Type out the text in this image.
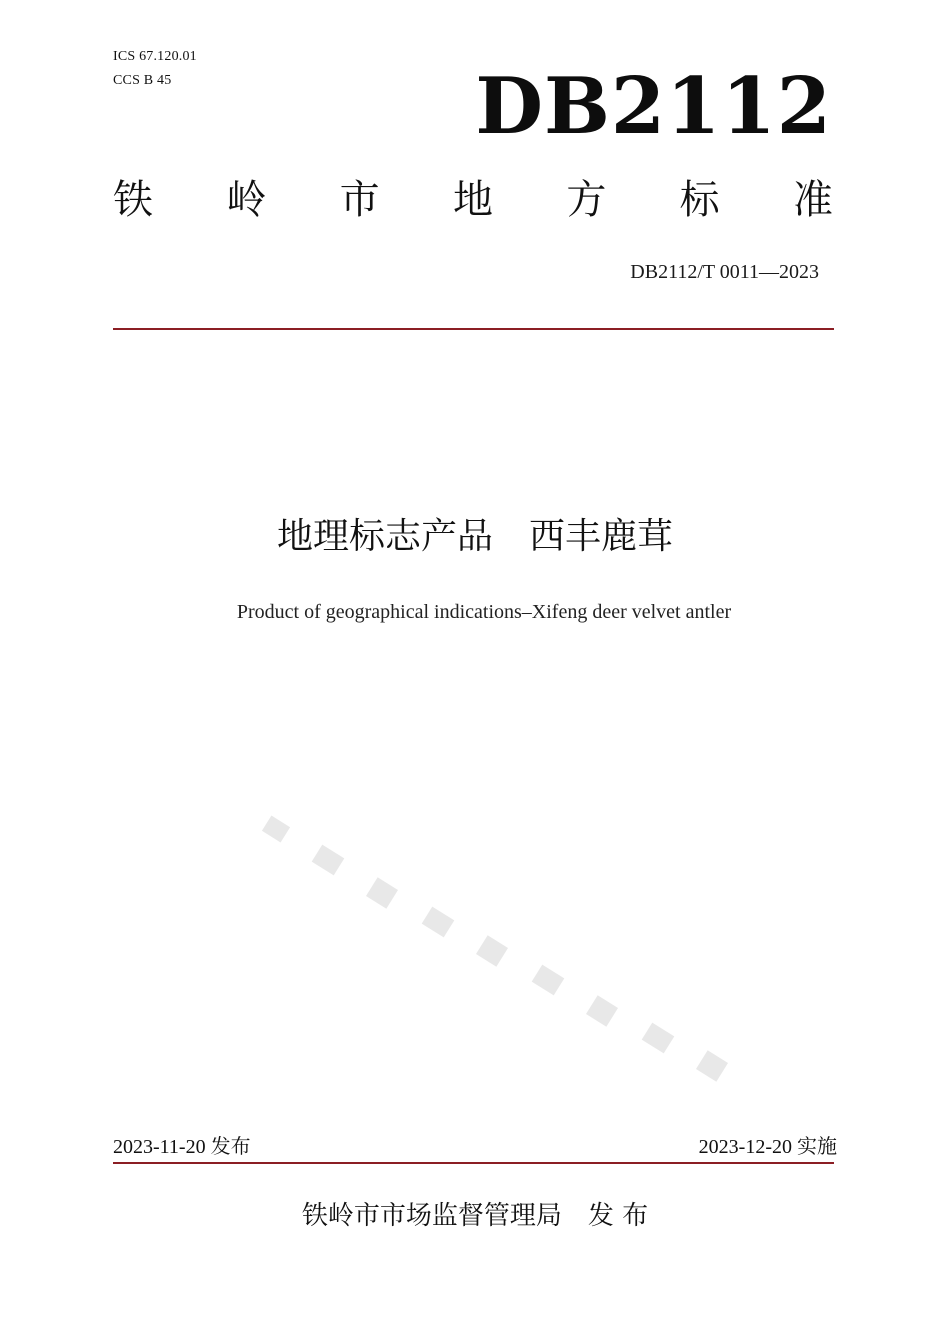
ICS 67.120.01
CCS B 45	DB2112
铁 岭 市 地 方 标 准
DB2112/T 0011—2023
地理标志产品　西丰鹿茸
Product of geographical indications–Xifeng deer velvet antler
2023-11-20 发布	2023-12-20 实施
铁岭市市场监督管理局　发 布
